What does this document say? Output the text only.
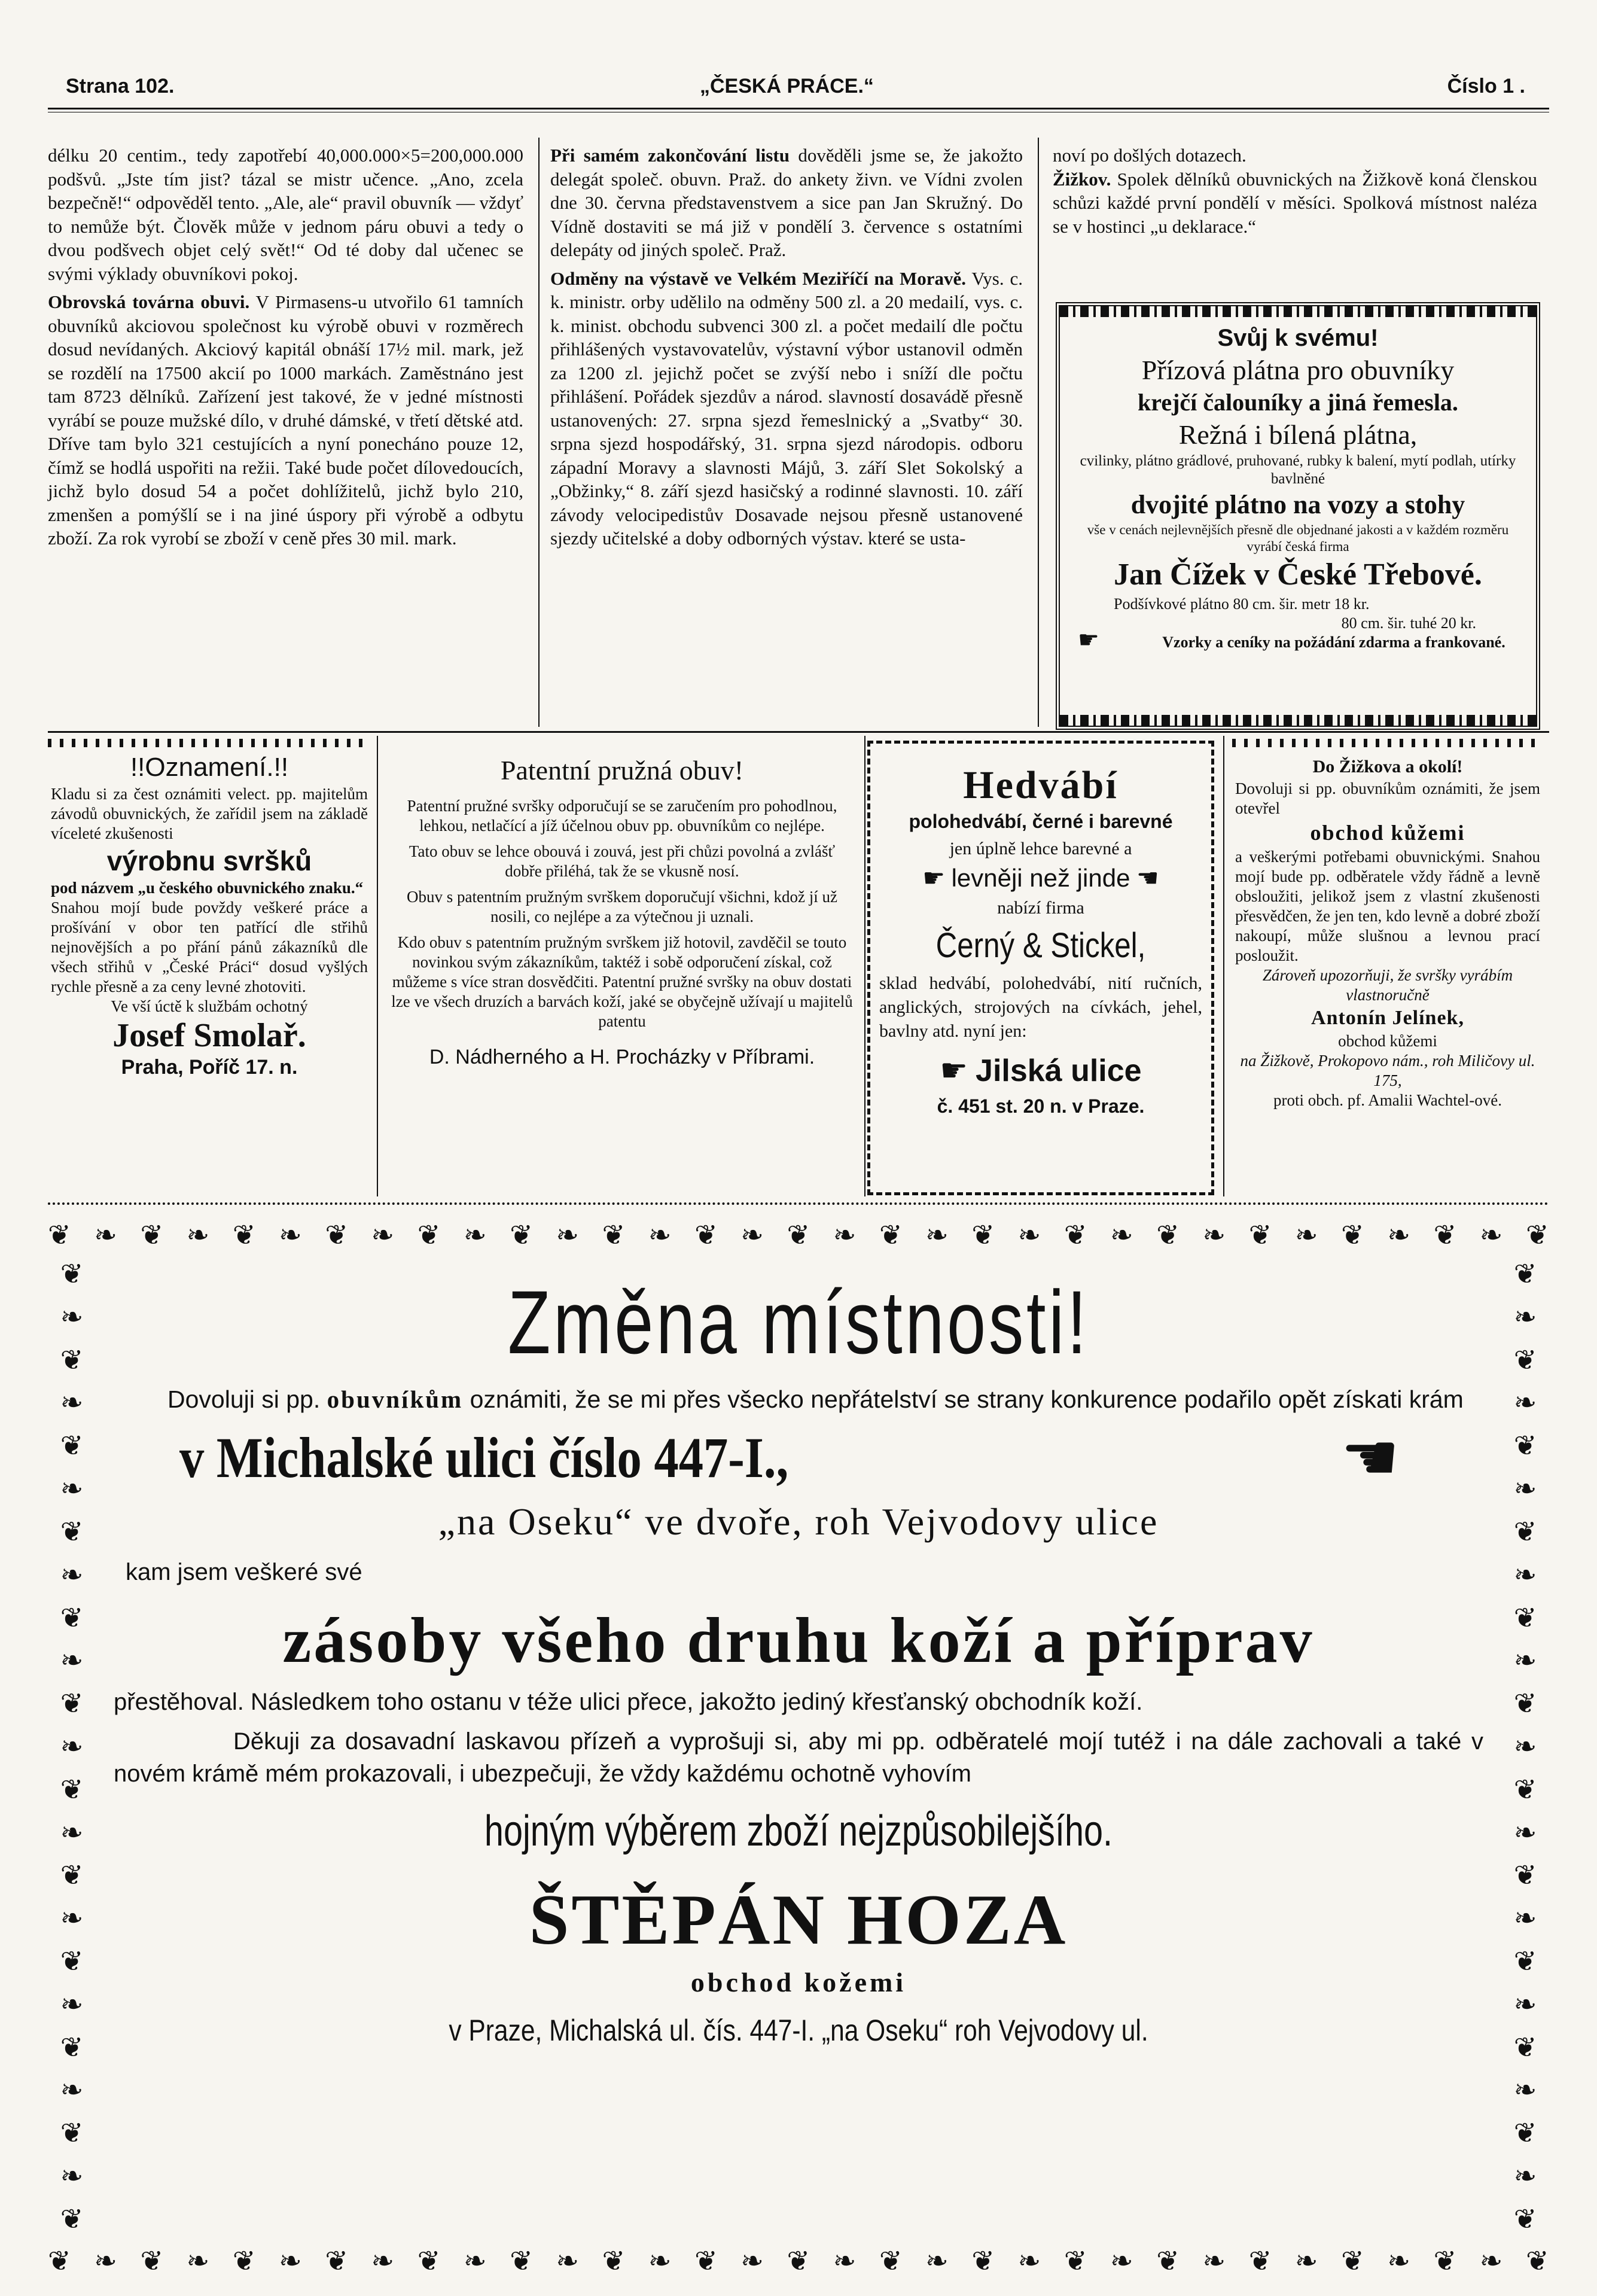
Strana 102.	„ČESKÁ PRÁCE.“	Číslo 1 .

délku 20 centim., tedy zapotřebí 40,000.000×5=200,000.000 podšvů. „Jste tím jist? tázal se mistr učence. „Ano, zcela bezpečně!“ odpověděl tento. „Ale, ale“ pravil obuvník — vždyť to nemůže být. Člověk může v jednom páru obuvi a tedy o dvou podšvech objet celý svět!“ Od té doby dal učenec se svými výklady obuvníkovi pokoj.

Obrovská továrna obuvi. V Pirmasens-u utvořilo 61 tamních obuvníků akciovou společnost ku výrobě obuvi v rozměrech dosud nevídaných. Akciový kapitál obnáší 17½ mil. mark, jež se rozdělí na 17500 akcií po 1000 markách. Zaměstnáno jest tam 8723 dělníků. Zařízení jest takové, že v jedné místnosti vyrábí se pouze mužské dílo, v druhé dámské, v třetí dětské atd. Dříve tam bylo 321 cestujících a nyní ponecháno pouze 12, čímž se hodlá uspořiti na režii. Také bude počet dílovedoucích, jichž bylo dosud 54 a počet dohlížitelů, jichž bylo 210, zmenšen a pomýšlí se i na jiné úspory při výrobě a odbytu zboží. Za rok vyrobí se zboží v ceně přes 30 mil. mark.

Při samém zakončování listu dověděli jsme se, že jakožto delegát společ. obuvn. Praž. do ankety živn. ve Vídni zvolen dne 30. června představenstvem a sice pan Jan Skružný. Do Vídně dostaviti se má již v pondělí 3. července s ostatními delepáty od jiných společ. Praž.

Odměny na výstavě ve Velkém Meziříčí na Moravě. Vys. c. k. ministr. orby udělilo na odměny 500 zl. a 20 medailí, vys. c. k. minist. obchodu subvenci 300 zl. a počet medailí dle počtu přihlášených vystavovatelův, výstavní výbor ustanovil odměn za 1200 zl. jejichž počet se zvýší nebo i sníží dle počtu přihlášení. Pořádek sjezdův a národ. slavností dosavádě přesně ustanovených: 27. srpna sjezd řemeslnický a „Svatby“ 30. srpna sjezd hospodářský, 31. srpna sjezd národopis. odboru západní Moravy a slavnosti Májů, 3. září Slet Sokolský a „Obžinky,“ 8. září sjezd hasičský a rodinné slavnosti. 10. září závody velocipedistův Dosavade nejsou přesně ustanovené sjezdy učitelské a doby odborných výstav. které se usta-

noví po došlých dotazech.

Žižkov. Spolek dělníků obuvnických na Žižkově koná členskou schůzi každé první pondělí v měsíci. Spolková místnost naléza se v hostinci „u deklarace.“

Svůj k svému!
Přízová plátna pro obuvníky
krejčí čalouníky a jiná řemesla.
Režná i bílená plátna,
cvilinky, plátno grádlové, pruhované, rubky k balení, mytí podlah, utírky bavlněné
dvojité plátno na vozy a stohy
vše v cenách nejlevnějších přesně dle objednané jakosti a v každém rozměru vyrábí česká firma
Jan Čížek v České Třebové.
Podšívkové plátno 80 cm. šir. metr 18 kr.
80 cm. šir. tuhé 20 kr.
☛	Vzorky a ceníky na požádání zdarma a frankované.
!!Oznamení.!!
Kladu si za čest oznámiti velect. pp. majitelům závodů obuvnických, že zařídil jsem na základě víceleté zkušenosti
výrobnu svršků
pod názvem „u českého obuvnického znaku.“
Snahou mojí bude povždy veškeré práce a prošívání v obor ten patřící dle střihů nejnovějších a po přání pánů zákazníků dle všech střihů v „České Práci“ dosud vyšlých rychle přesně a za ceny levné zhotoviti.
Ve vší úctě k službám ochotný
Josef Smolař.
Praha, Poříč 17. n.
Patentní pružná obuv!
Patentní pružné svršky odporučují se se zaručením pro pohodlnou, lehkou, netlačící a jíž účelnou obuv pp. obuvníkům co nejlépe.
Tato obuv se lehce obouvá i zouvá, jest při chůzi povolná a zvlášť dobře přiléhá, tak že se vkusně nosí.
Obuv s patentním pružným svrškem doporučují všichni, kdož jí už nosili, co nejlépe a za výtečnou ji uznali.
Kdo obuv s patentním pružným svrškem již hotovil, zavděčil se touto novinkou svým zákazníkům, taktéž i sobě odporučení získal, což můžeme s více stran dosvědčiti. Patentní pružné svršky na obuv dostati lze ve všech druzích a barvách koží, jaké se obyčejně užívají u majitelů patentu
D. Nádherného a H. Procházky v Příbrami.
Hedvábí
polohedvábí, černé i barevné
jen úplně lehce barevné a
☛ levněji než jinde ☚
nabízí firma
Černý & Stickel,
sklad hedvábí, polohedvábí, nití ručních, anglických, strojových na cívkách, jehel, bavlny atd. nyní jen:
☛ Jilská ulice
č. 451 st. 20 n. v Praze.
Do Žižkova a okolí!
Dovoluji si pp. obuvníkům oznámiti, že jsem otevřel
obchod kůžemi
a veškerými potřebami obuvnickými. Snahou mojí bude pp. odběratele vždy řádně a levně obsloužiti, jelikož jsem z vlastní zkušenosti přesvědčen, že jen ten, kdo levně a dobré zboží nakoupí, může slušnou a levnou prací posloužit.
Zároveň upozorňuji, že svršky vyrábím vlastnoručně
Antonín Jelínek,
obchod kůžemi
na Žižkově, Prokopovo nám., roh Miličovy ul. 175,
proti obch. pf. Amalii Wachtel-ové.
❦ ❧ ❦ ❧ ❦ ❧ ❦ ❧ ❦ ❧ ❦ ❧ ❦ ❧ ❦ ❧ ❦ ❧ ❦ ❧ ❦ ❧ ❦ ❧ ❦ ❧ ❦ ❧ ❦ ❧ ❦ ❧ ❦
❦ ❧ ❦ ❧ ❦ ❧ ❦ ❧ ❦ ❧ ❦ ❧ ❦ ❧ ❦ ❧ ❦ ❧ ❦ ❧ ❦ ❧ ❦ ❧ ❦ ❧ ❦ ❧ ❦ ❧ ❦ ❧ ❦
❦
❧
❦
❧
❦
❧
❦
❧
❦
❧
❦
❧
❦
❧
❦
❧
❦
❧
❦
❧
❦
❧
❦
❦
❧
❦
❧
❦
❧
❦
❧
❦
❧
❦
❧
❦
❧
❦
❧
❦
❧
❦
❧
❦
❧
❦
Změna místnosti!
Dovoluji si pp. obuvníkům oznámiti, že se mi přes všecko nepřátelství se strany konkurence podařilo opět získati krám
v Michalské ulici číslo 447-I.,	☚
„na Oseku“ ve dvoře, roh Vejvodovy ulice
kam jsem veškeré své
zásoby všeho druhu koží a příprav
přestěhoval. Následkem toho ostanu v téže ulici přece, jakožto jediný křesťanský obchodník koží.
Děkuji za dosavadní laskavou přízeň a vyprošuji si, aby mi pp. odběratelé mojí tutéž i na dále zachovali a také v novém krámě mém prokazovali, i ubezpečuji, že vždy každému ochotně vyhovím
hojným výběrem zboží nejzpůsobilejšího.
ŠTĚPÁN HOZA
obchod kožemi
v Praze, Michalská ul. čís. 447-I. „na Oseku“ roh Vejvodovy ul.
